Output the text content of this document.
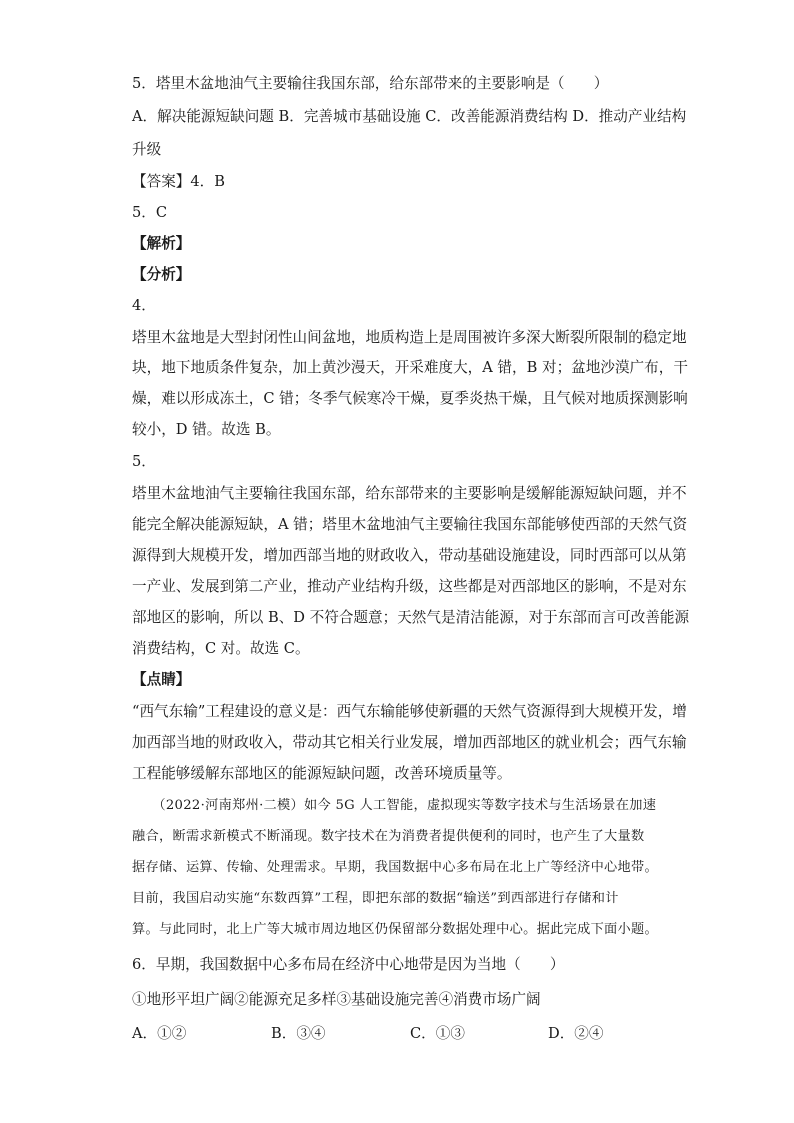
5．塔里木盆地油气主要输往我国东部，给东部带来的主要影响是（　　）
A．解决能源短缺问题 B．完善城市基础设施 C．改善能源消费结构 D．推动产业结构
升级
【答案】4．B
5．C
【解析】
【分析】
4．
塔里木盆地是大型封闭性山间盆地，地质构造上是周围被许多深大断裂所限制的稳定地
块，地下地质条件复杂，加上黄沙漫天，开采难度大，A 错，B 对；盆地沙漠广布，干
燥，难以形成冻土，C 错；冬季气候寒冷干燥，夏季炎热干燥，且气候对地质探测影响
较小，D 错。故选 B。
5．
塔里木盆地油气主要输往我国东部，给东部带来的主要影响是缓解能源短缺问题，并不
能完全解决能源短缺，A 错；塔里木盆地油气主要输往我国东部能够使西部的天然气资
源得到大规模开发，增加西部当地的财政收入，带动基础设施建设，同时西部可以从第
一产业、发展到第二产业，推动产业结构升级，这些都是对西部地区的影响，不是对东
部地区的影响，所以 B、D 不符合题意；天然气是清洁能源，对于东部而言可改善能源
消费结构，C 对。故选 C。
【点睛】
“西气东输”工程建设的意义是：西气东输能够使新疆的天然气资源得到大规模开发，增
加西部当地的财政收入，带动其它相关行业发展，增加西部地区的就业机会；西气东输
工程能够缓解东部地区的能源短缺问题，改善环境质量等。
　　（2022·河南郑州·二模）如今 5G 人工智能，虚拟现实等数字技术与生活场景在加速
融合，断需求新模式不断涌现。数字技术在为消费者提供便利的同时，也产生了大量数
据存储、运算、传输、处理需求。早期，我国数据中心多布局在北上广等经济中心地带。
目前，我国启动实施“东数西算”工程，即把东部的数据“输送”到西部进行存储和计
算。与此同时，北上广等大城市周边地区仍保留部分数据处理中心。据此完成下面小题。
6．早期，我国数据中心多布局在经济中心地带是因为当地（　　）
①地形平坦广阔②能源充足多样③基础设施完善④消费市场广阔
A．①②	B．③④	C．①③	D．②④
